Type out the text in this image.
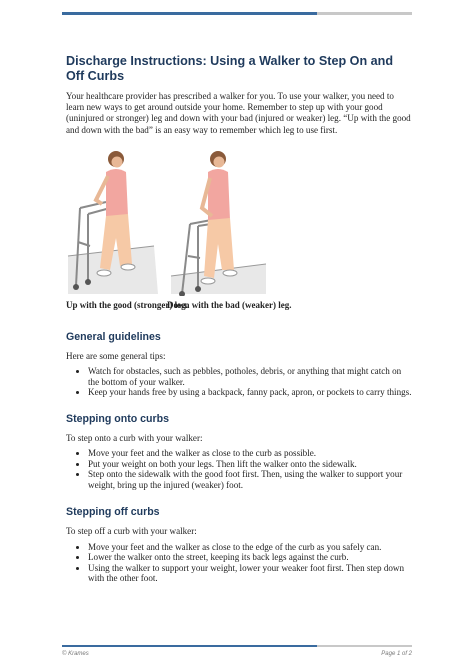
Discharge Instructions: Using a Walker to Step On and Off Curbs

Your healthcare provider has prescribed a walker for you. To use your walker, you need to learn new ways to get around outside your home. Remember to step up with your good (uninjured or stronger) leg and down with your bad (injured or weaker) leg. “Up with the good and down with the bad” is an easy way to remember which leg to use first.

Up with the good (stronger) leg.
Down with the bad (weaker) leg.
General guidelines

Here are some general tips:

• Watch for obstacles, such as pebbles, potholes, debris, or anything that might catch on the bottom of your walker.
• Keep your hands free by using a backpack, fanny pack, apron, or pockets to carry things.
Stepping onto curbs

To step onto a curb with your walker:

• Move your feet and the walker as close to the curb as possible.
• Put your weight on both your legs. Then lift the walker onto the sidewalk.
• Step onto the sidewalk with the good foot first. Then, using the walker to support your weight, bring up the injured (weaker) foot.
Stepping off curbs

To step off a curb with your walker:

• Move your feet and the walker as close to the edge of the curb as you safely can.
• Lower the walker onto the street, keeping its back legs against the curb.
• Using the walker to support your weight, lower your weaker foot first. Then step down with the other foot.
© Krames	Page 1 of 2
